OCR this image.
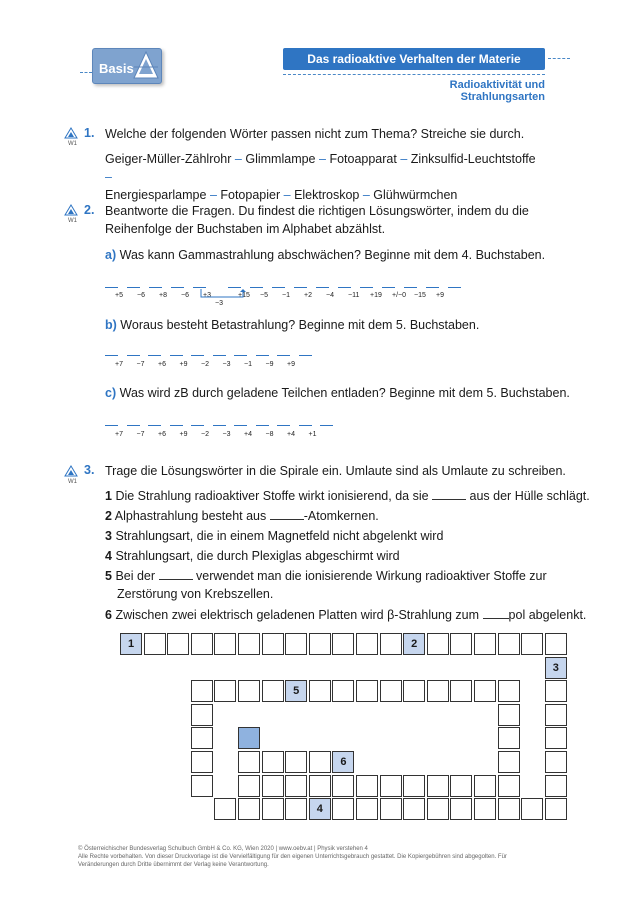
Basis
Das radioaktive Verhalten der Materie
Radioaktivität und Strahlungsarten
W1
1. Welche der folgenden Wörter passen nicht zum Thema? Streiche sie durch.
Geiger-Müller-Zählrohr – Glimmlampe – Fotoapparat – Zinksulfid-Leuchtstoffe –
Energiesparlampe – Fotopapier – Elektroskop – Glühwürmchen
W1
2. Beantworte die Fragen. Du findest die richtigen Lösungswörter, indem du die
Reihenfolge der Buchstaben im Alphabet abzählst.
a) Was kann Gammastrahlung abschwächen? Beginne mit dem 4. Buchstaben.
+5 −6 +8 −6 +3	+15 −5 −1 +2 −4 −11 +19 +/−0 −15 +9
−3
b) Woraus besteht Betastrahlung? Beginne mit dem 5. Buchstaben.
+7 −7 +6 +9 −2 −3 −1 −9 +9
c) Was wird zB durch geladene Teilchen entladen? Beginne mit dem 5. Buchstaben.
+7 −7 +6 +9 −2 −3 +4 −8 +4 +1
W1
3. Trage die Lösungswörter in die Spirale ein. Umlaute sind als Umlaute zu schreiben.
1 Die Strahlung radioaktiver Stoffe wirkt ionisierend, da sie	aus der Hülle schlägt.
2 Alphastrahlung besteht aus	-Atomkernen.
3 Strahlungsart, die in einem Magnetfeld nicht abgelenkt wird
4 Strahlungsart, die durch Plexiglas abgeschirmt wird
5 Bei der	verwendet man die ionisierende Wirkung radioaktiver Stoffe zur
Zerstörung von Krebszellen.
6 Zwischen zwei elektrisch geladenen Platten wird β-Strahlung zum pol abgelenkt.
1	2
3
4
5
6
© Österreichischer Bundesverlag Schulbuch GmbH & Co. KG, Wien 2020 | www.oebv.at | Physik verstehen 4
Alle Rechte vorbehalten. Von dieser Druckvorlage ist die Vervielfältigung für den eigenen Unterrichtsgebrauch gestattet. Die Kopiergebühren sind abgegolten. Für
Veränderungen durch Dritte übernimmt der Verlag keine Verantwortung.
